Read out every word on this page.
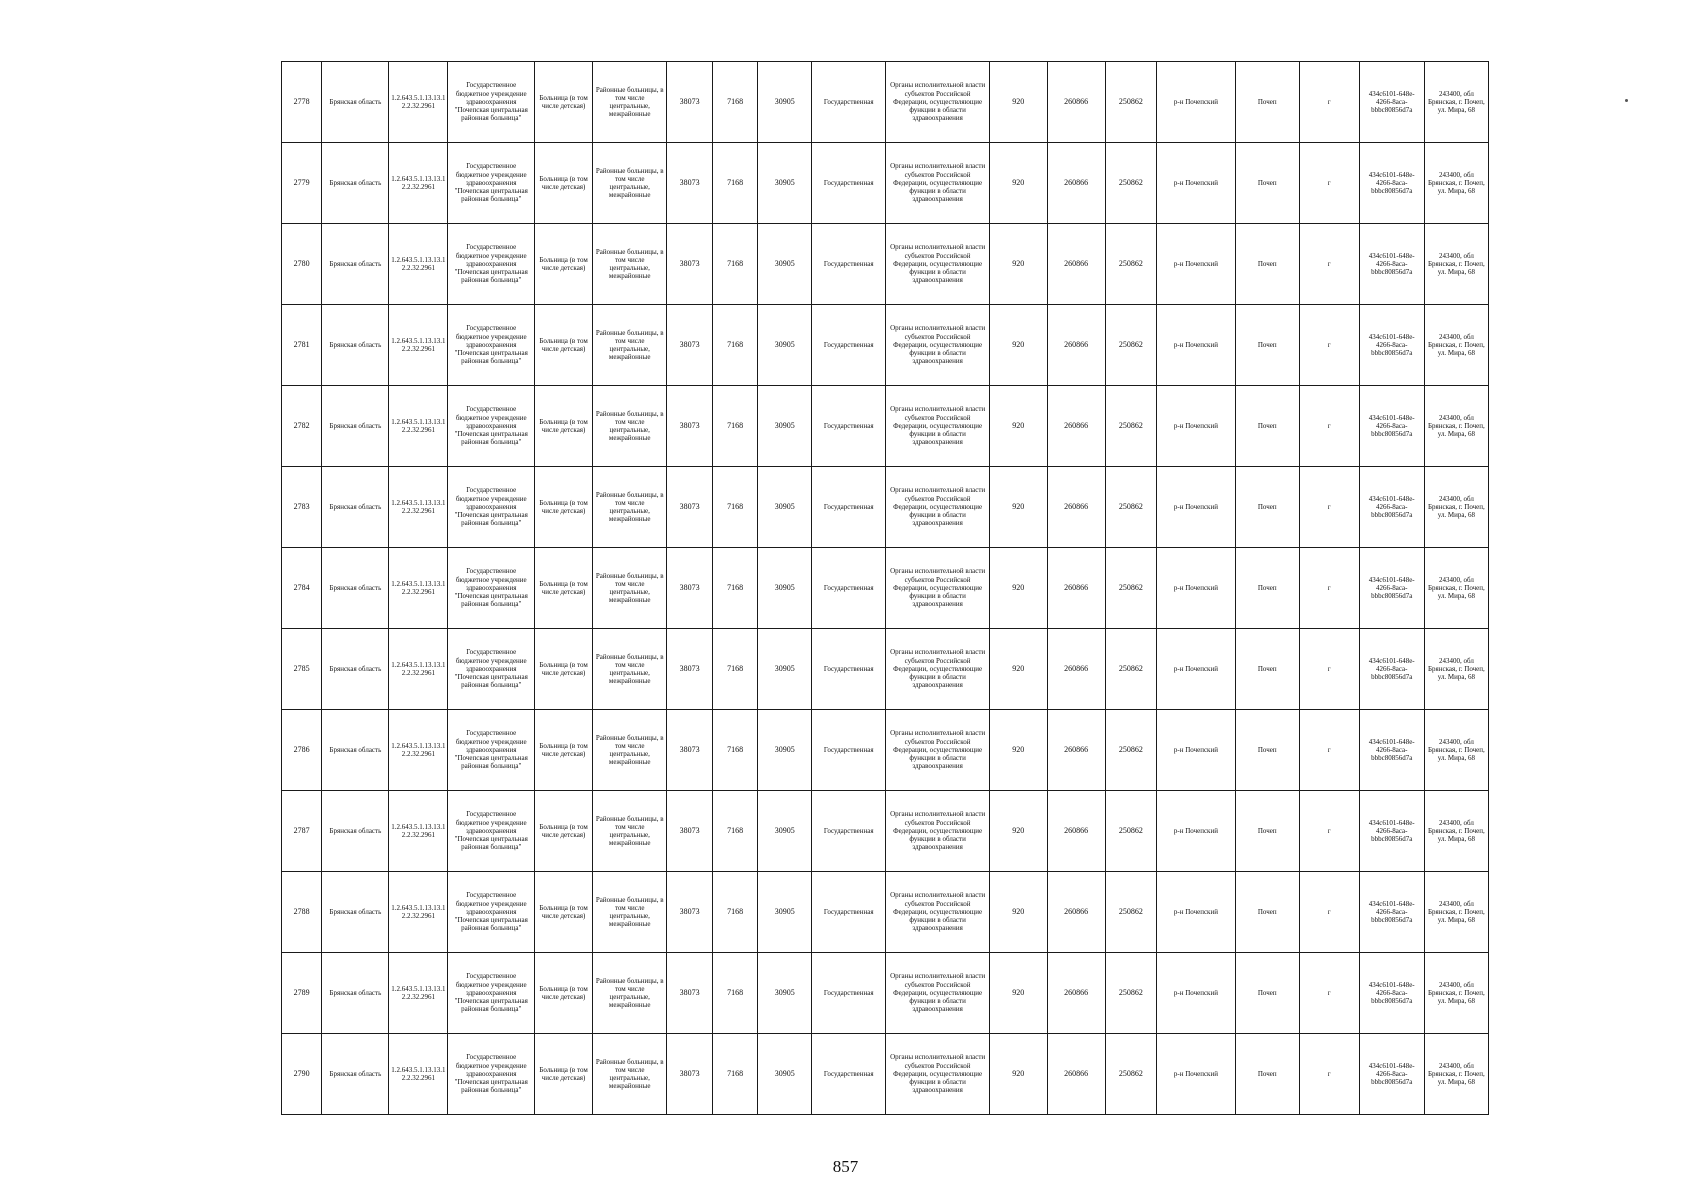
2778	Брянская область	1.2.643.5.1.13.13.12.2.32.2961	Государственное бюджетное учреждение здравоохранения "Почепская центральная районная больница"	Больница (в том числе детская)	Районные больницы, в том числе центральные, межрайонные	38073	7168	30905	Государственная	Органы исполнительной власти субъектов Российской Федерации, осуществляющие функции в области здравоохранения	920	260866	250862	р-н Почепский	Почеп	г	434c6101-648e-4266-8aca-bbbc80856d7a	243400, обл Брянская, г. Почеп, ул. Мира, 68
2779	Брянская область	1.2.643.5.1.13.13.12.2.32.2961	Государственное бюджетное учреждение здравоохранения "Почепская центральная районная больница"	Больница (в том числе детская)	Районные больницы, в том числе центральные, межрайонные	38073	7168	30905	Государственная	Органы исполнительной власти субъектов Российской Федерации, осуществляющие функции в области здравоохранения	920	260866	250862	р-н Почепский	Почеп	г	434c6101-648e-4266-8aca-bbbc80856d7a	243400, обл Брянская, г. Почеп, ул. Мира, 68
2780	Брянская область	1.2.643.5.1.13.13.12.2.32.2961	Государственное бюджетное учреждение здравоохранения "Почепская центральная районная больница"	Больница (в том числе детская)	Районные больницы, в том числе центральные, межрайонные	38073	7168	30905	Государственная	Органы исполнительной власти субъектов Российской Федерации, осуществляющие функции в области здравоохранения	920	260866	250862	р-н Почепский	Почеп	г	434c6101-648e-4266-8aca-bbbc80856d7a	243400, обл Брянская, г. Почеп, ул. Мира, 68
2781	Брянская область	1.2.643.5.1.13.13.12.2.32.2961	Государственное бюджетное учреждение здравоохранения "Почепская центральная районная больница"	Больница (в том числе детская)	Районные больницы, в том числе центральные, межрайонные	38073	7168	30905	Государственная	Органы исполнительной власти субъектов Российской Федерации, осуществляющие функции в области здравоохранения	920	260866	250862	р-н Почепский	Почеп	г	434c6101-648e-4266-8aca-bbbc80856d7a	243400, обл Брянская, г. Почеп, ул. Мира, 68
2782	Брянская область	1.2.643.5.1.13.13.12.2.32.2961	Государственное бюджетное учреждение здравоохранения "Почепская центральная районная больница"	Больница (в том числе детская)	Районные больницы, в том числе центральные, межрайонные	38073	7168	30905	Государственная	Органы исполнительной власти субъектов Российской Федерации, осуществляющие функции в области здравоохранения	920	260866	250862	р-н Почепский	Почеп	г	434c6101-648e-4266-8aca-bbbc80856d7a	243400, обл Брянская, г. Почеп, ул. Мира, 68
2783	Брянская область	1.2.643.5.1.13.13.12.2.32.2961	Государственное бюджетное учреждение здравоохранения "Почепская центральная районная больница"	Больница (в том числе детская)	Районные больницы, в том числе центральные, межрайонные	38073	7168	30905	Государственная	Органы исполнительной власти субъектов Российской Федерации, осуществляющие функции в области здравоохранения	920	260866	250862	р-н Почепский	Почеп	г	434c6101-648e-4266-8aca-bbbc80856d7a	243400, обл Брянская, г. Почеп, ул. Мира, 68
2784	Брянская область	1.2.643.5.1.13.13.12.2.32.2961	Государственное бюджетное учреждение здравоохранения "Почепская центральная районная больница"	Больница (в том числе детская)	Районные больницы, в том числе центральные, межрайонные	38073	7168	30905	Государственная	Органы исполнительной власти субъектов Российской Федерации, осуществляющие функции в области здравоохранения	920	260866	250862	р-н Почепский	Почеп	г	434c6101-648e-4266-8aca-bbbc80856d7a	243400, обл Брянская, г. Почеп, ул. Мира, 68
2785	Брянская область	1.2.643.5.1.13.13.12.2.32.2961	Государственное бюджетное учреждение здравоохранения "Почепская центральная районная больница"	Больница (в том числе детская)	Районные больницы, в том числе центральные, межрайонные	38073	7168	30905	Государственная	Органы исполнительной власти субъектов Российской Федерации, осуществляющие функции в области здравоохранения	920	260866	250862	р-н Почепский	Почеп	г	434c6101-648e-4266-8aca-bbbc80856d7a	243400, обл Брянская, г. Почеп, ул. Мира, 68
2786	Брянская область	1.2.643.5.1.13.13.12.2.32.2961	Государственное бюджетное учреждение здравоохранения "Почепская центральная районная больница"	Больница (в том числе детская)	Районные больницы, в том числе центральные, межрайонные	38073	7168	30905	Государственная	Органы исполнительной власти субъектов Российской Федерации, осуществляющие функции в области здравоохранения	920	260866	250862	р-н Почепский	Почеп	г	434c6101-648e-4266-8aca-bbbc80856d7a	243400, обл Брянская, г. Почеп, ул. Мира, 68
2787	Брянская область	1.2.643.5.1.13.13.12.2.32.2961	Государственное бюджетное учреждение здравоохранения "Почепская центральная районная больница"	Больница (в том числе детская)	Районные больницы, в том числе центральные, межрайонные	38073	7168	30905	Государственная	Органы исполнительной власти субъектов Российской Федерации, осуществляющие функции в области здравоохранения	920	260866	250862	р-н Почепский	Почеп	г	434c6101-648e-4266-8aca-bbbc80856d7a	243400, обл Брянская, г. Почеп, ул. Мира, 68
2788	Брянская область	1.2.643.5.1.13.13.12.2.32.2961	Государственное бюджетное учреждение здравоохранения "Почепская центральная районная больница"	Больница (в том числе детская)	Районные больницы, в том числе центральные, межрайонные	38073	7168	30905	Государственная	Органы исполнительной власти субъектов Российской Федерации, осуществляющие функции в области здравоохранения	920	260866	250862	р-н Почепский	Почеп	г	434c6101-648e-4266-8aca-bbbc80856d7a	243400, обл Брянская, г. Почеп, ул. Мира, 68
2789	Брянская область	1.2.643.5.1.13.13.12.2.32.2961	Государственное бюджетное учреждение здравоохранения "Почепская центральная районная больница"	Больница (в том числе детская)	Районные больницы, в том числе центральные, межрайонные	38073	7168	30905	Государственная	Органы исполнительной власти субъектов Российской Федерации, осуществляющие функции в области здравоохранения	920	260866	250862	р-н Почепский	Почеп	г	434c6101-648e-4266-8aca-bbbc80856d7a	243400, обл Брянская, г. Почеп, ул. Мира, 68
2790	Брянская область	1.2.643.5.1.13.13.12.2.32.2961	Государственное бюджетное учреждение здравоохранения "Почепская центральная районная больница"	Больница (в том числе детская)	Районные больницы, в том числе центральные, межрайонные	38073	7168	30905	Государственная	Органы исполнительной власти субъектов Российской Федерации, осуществляющие функции в области здравоохранения	920	260866	250862	р-н Почепский	Почеп	г	434c6101-648e-4266-8aca-bbbc80856d7a	243400, обл Брянская, г. Почеп, ул. Мира, 68
857
